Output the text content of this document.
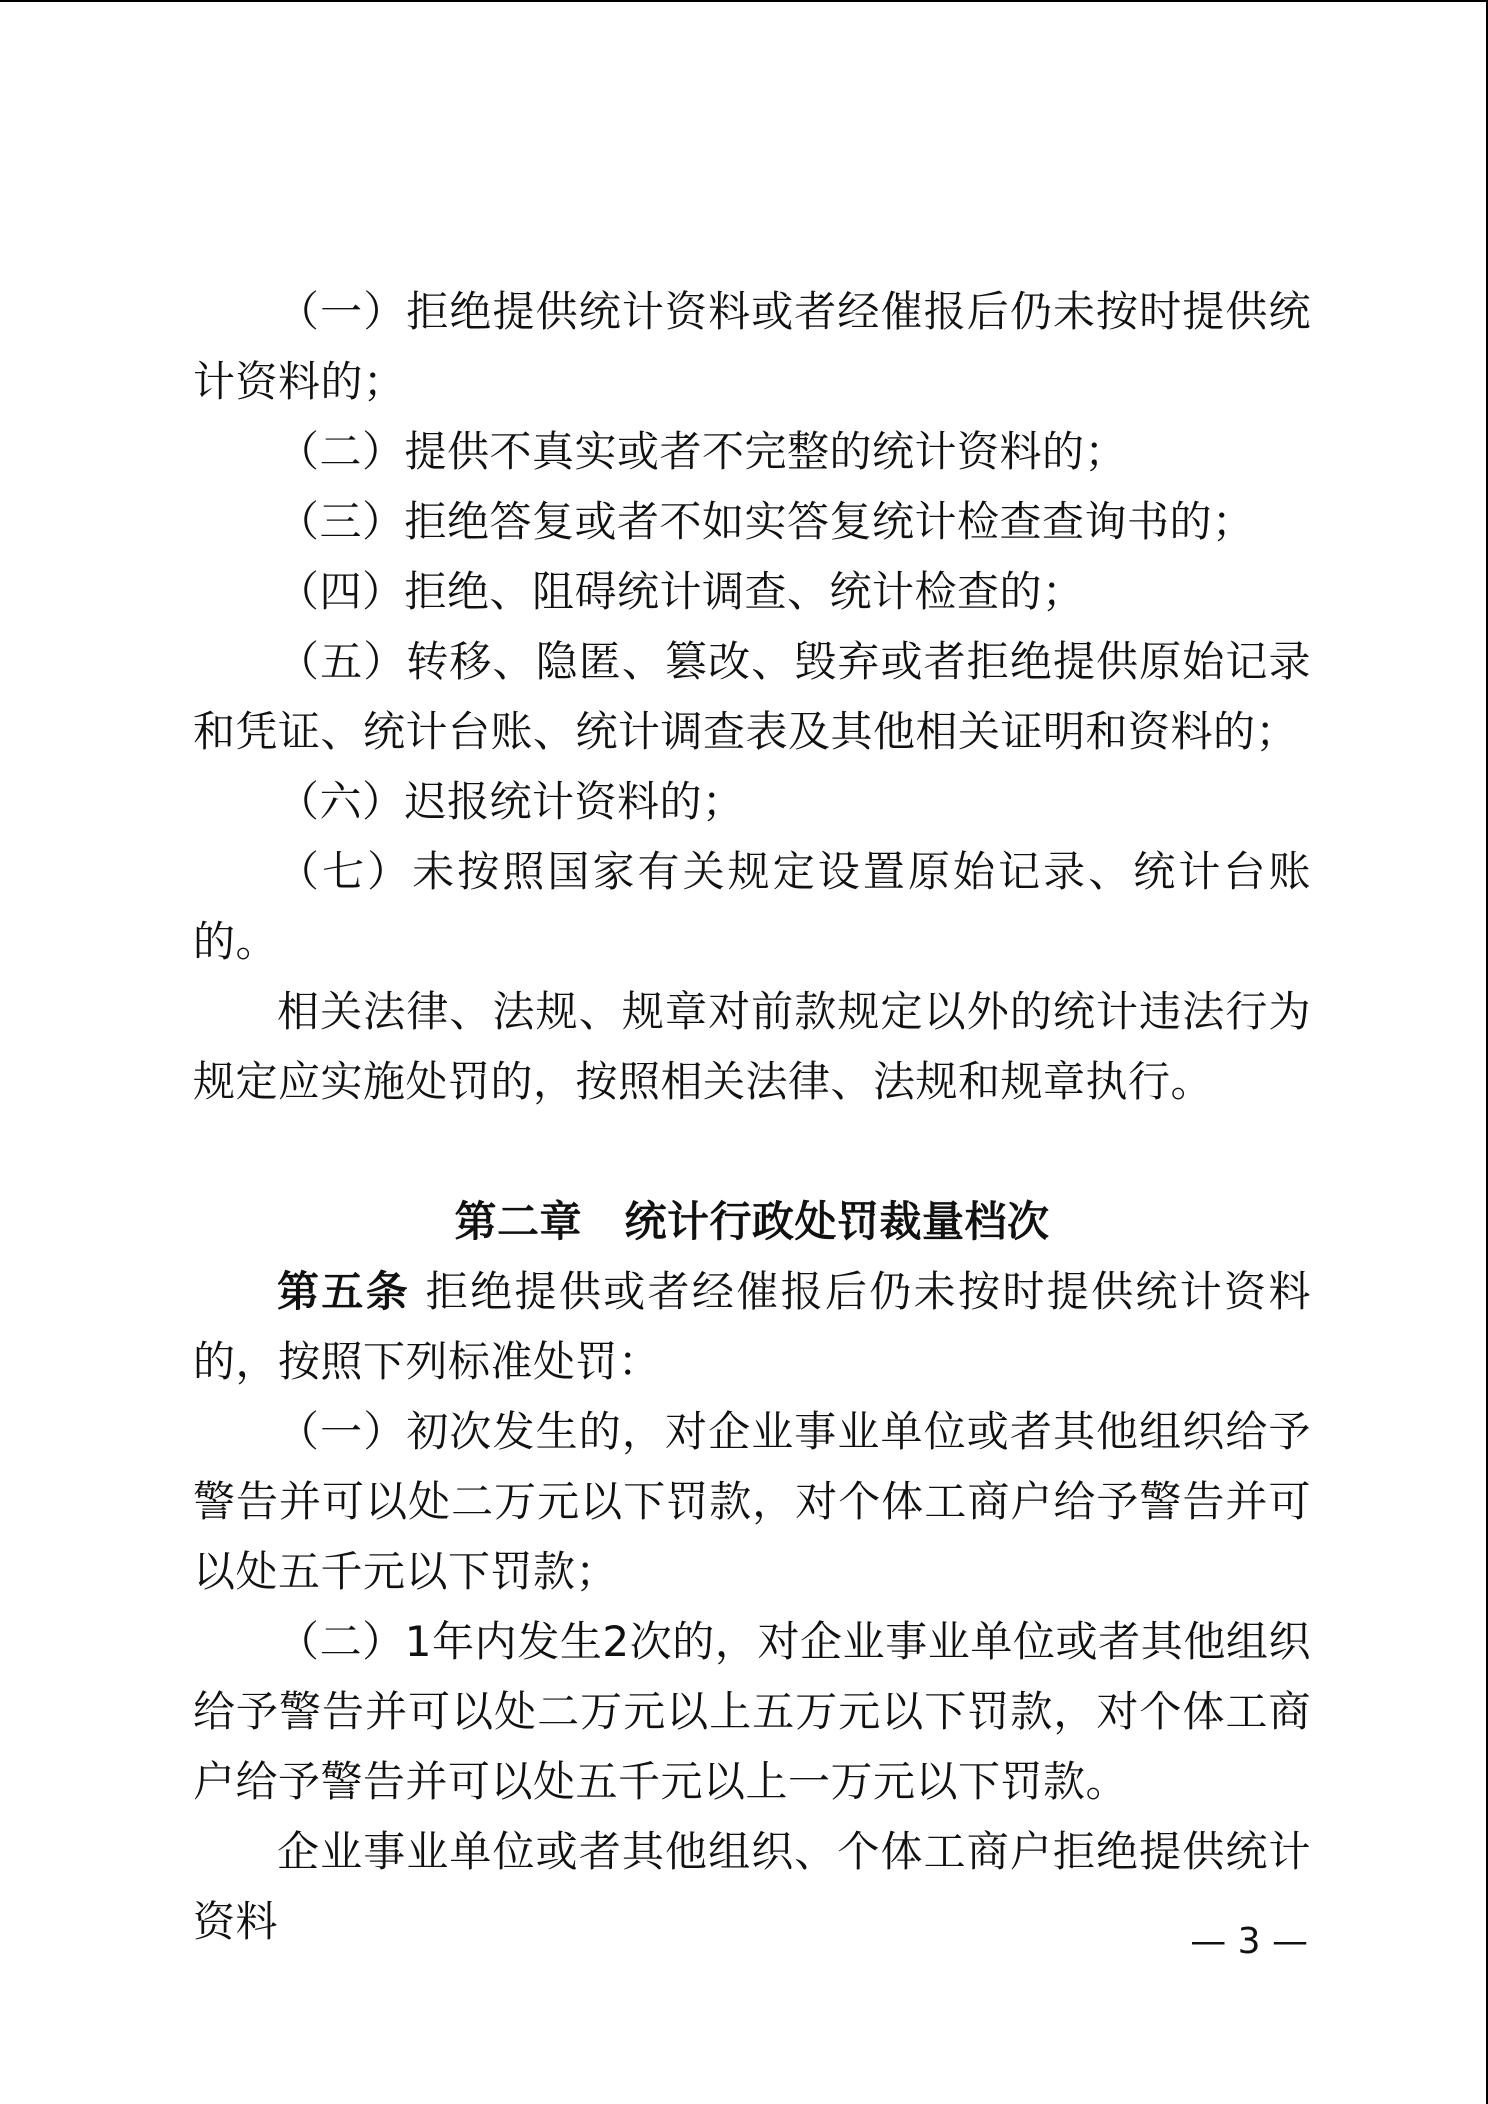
（一）拒绝提供统计资料或者经催报后仍未按时提供统计资料的；

（二）提供不真实或者不完整的统计资料的；

（三）拒绝答复或者不如实答复统计检查查询书的；

（四）拒绝、阻碍统计调查、统计检查的；

（五）转移、隐匿、篡改、毁弃或者拒绝提供原始记录和凭证、统计台账、统计调查表及其他相关证明和资料的；

（六）迟报统计资料的；

（七）未按照国家有关规定设置原始记录、统计台账的。

相关法律、法规、规章对前款规定以外的统计违法行为规定应实施处罚的，按照相关法律、法规和规章执行。

第二章　统计行政处罚裁量档次

第五条 拒绝提供或者经催报后仍未按时提供统计资料的，按照下列标准处罚：

（一）初次发生的，对企业事业单位或者其他组织给予警告并可以处二万元以下罚款，对个体工商户给予警告并可以处五千元以下罚款；

（二）1年内发生2次的，对企业事业单位或者其他组织给予警告并可以处二万元以上五万元以下罚款，对个体工商户给予警告并可以处五千元以上一万元以下罚款。

企业事业单位或者其他组织、个体工商户拒绝提供统计资料	— 3 —
